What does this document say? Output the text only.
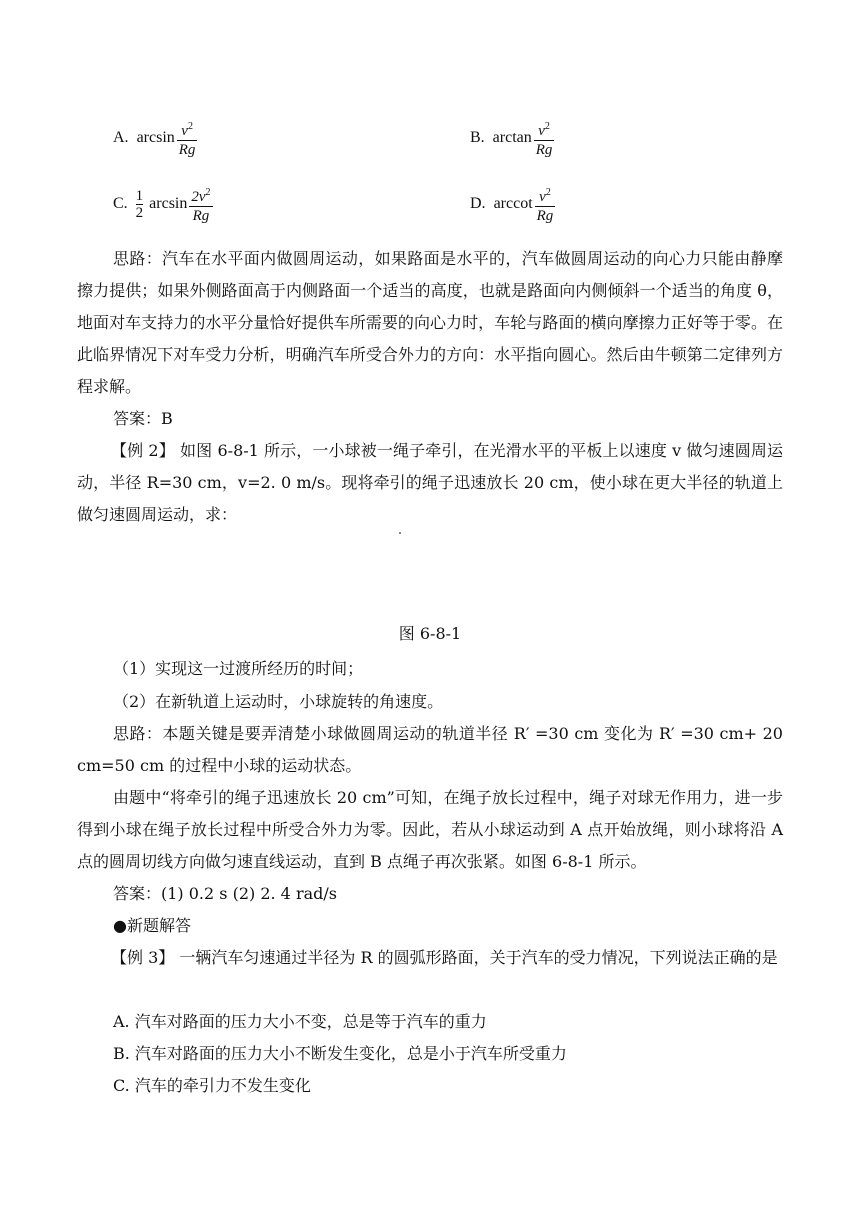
A. $\arcsin \frac{v^2}{Rg}$	B. $\arctan \frac{v^2}{Rg}$
C. 1
2
$\arcsin \frac{2v^2}{Rg}$	D. arccot $\frac{v^2}{Rg}$
思路：汽车在水平面内做圆周运动，如果路面是水平的，汽车做圆周运动的向心力只能由静摩擦力提供；如果外侧路面高于内侧路面一个适当的高度，也就是路面向内侧倾斜一个适当的角度 θ，地面对车支持力的水平分量恰好提供车所需要的向心力时，车轮与路面的横向摩擦力正好等于零。在此临界情况下对车受力分析，明确汽车所受合外力的方向：水平指向圆心。然后由牛顿第二定律列方程求解。
答案：B
【例 2】 如图 6-8-1 所示，一小球被一绳子牵引，在光滑水平的平板上以速度 v 做匀速圆周运动，半径 R=30 cm，v=2. 0 m/s。现将牵引的绳子迅速放长 20 cm，使小球在更大半径的轨道上做匀速圆周运动，求：
图 6-8-1
（1）实现这一过渡所经历的时间；
（2）在新轨道上运动时，小球旋转的角速度。
思路：本题关键是要弄清楚小球做圆周运动的轨道半径 R′ =30 cm 变化为 R′ =30 cm+ 20 cm=50 cm 的过程中小球的运动状态。
由题中“将牵引的绳子迅速放长 20 cm”可知，在绳子放长过程中，绳子对球无作用力，进一步得到小球在绳子放长过程中所受合外力为零。因此，若从小球运动到 A 点开始放绳，则小球将沿 A 点的圆周切线方向做匀速直线运动，直到 B 点绳子再次张紧。如图 6-8-1 所示。
答案：(1) 0.2 s (2) 2. 4 rad/s
●新题解答
【例 3】 一辆汽车匀速通过半径为 R 的圆弧形路面，关于汽车的受力情况，下列说法正确的是
A. 汽车对路面的压力大小不变，总是等于汽车的重力
B. 汽车对路面的压力大小不断发生变化，总是小于汽车所受重力
C. 汽车的牵引力不发生变化
